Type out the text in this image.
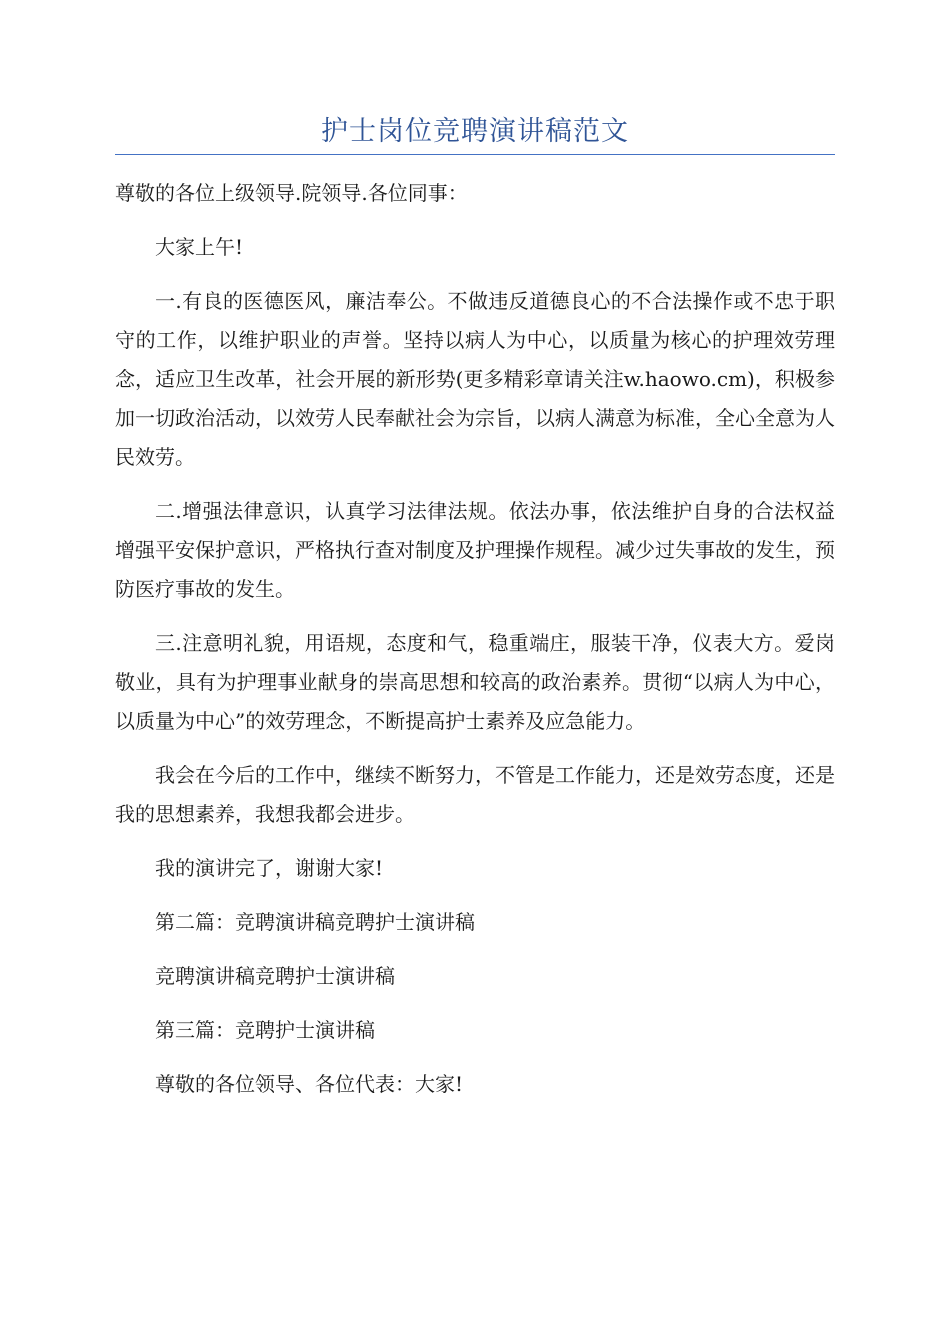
护士岗位竞聘演讲稿范文

尊敬的各位上级领导.院领导.各位同事：

大家上午!

一.有良的医德医风，廉洁奉公。不做违反道德良心的不合法操作或不忠于职守的工作，以维护职业的声誉。坚持以病人为中心，以质量为核心的护理效劳理念，适应卫生改革，社会开展的新形势(更多精彩章请关注w.haowo.cm)，积极参加一切政治活动，以效劳人民奉献社会为宗旨，以病人满意为标准，全心全意为人民效劳。

二.增强法律意识，认真学习法律法规。依法办事，依法维护自身的合法权益增强平安保护意识，严格执行查对制度及护理操作规程。减少过失事故的发生，预防医疗事故的发生。

三.注意明礼貌，用语规，态度和气，稳重端庄，服装干净，仪表大方。爱岗敬业，具有为护理事业献身的崇高思想和较高的政治素养。贯彻“以病人为中心，以质量为中心”的效劳理念，不断提高护士素养及应急能力。

我会在今后的工作中，继续不断努力，不管是工作能力，还是效劳态度，还是我的思想素养，我想我都会进步。

我的演讲完了，谢谢大家!

第二篇：竞聘演讲稿竞聘护士演讲稿

竞聘演讲稿竞聘护士演讲稿

第三篇：竞聘护士演讲稿

尊敬的各位领导、各位代表：大家!
